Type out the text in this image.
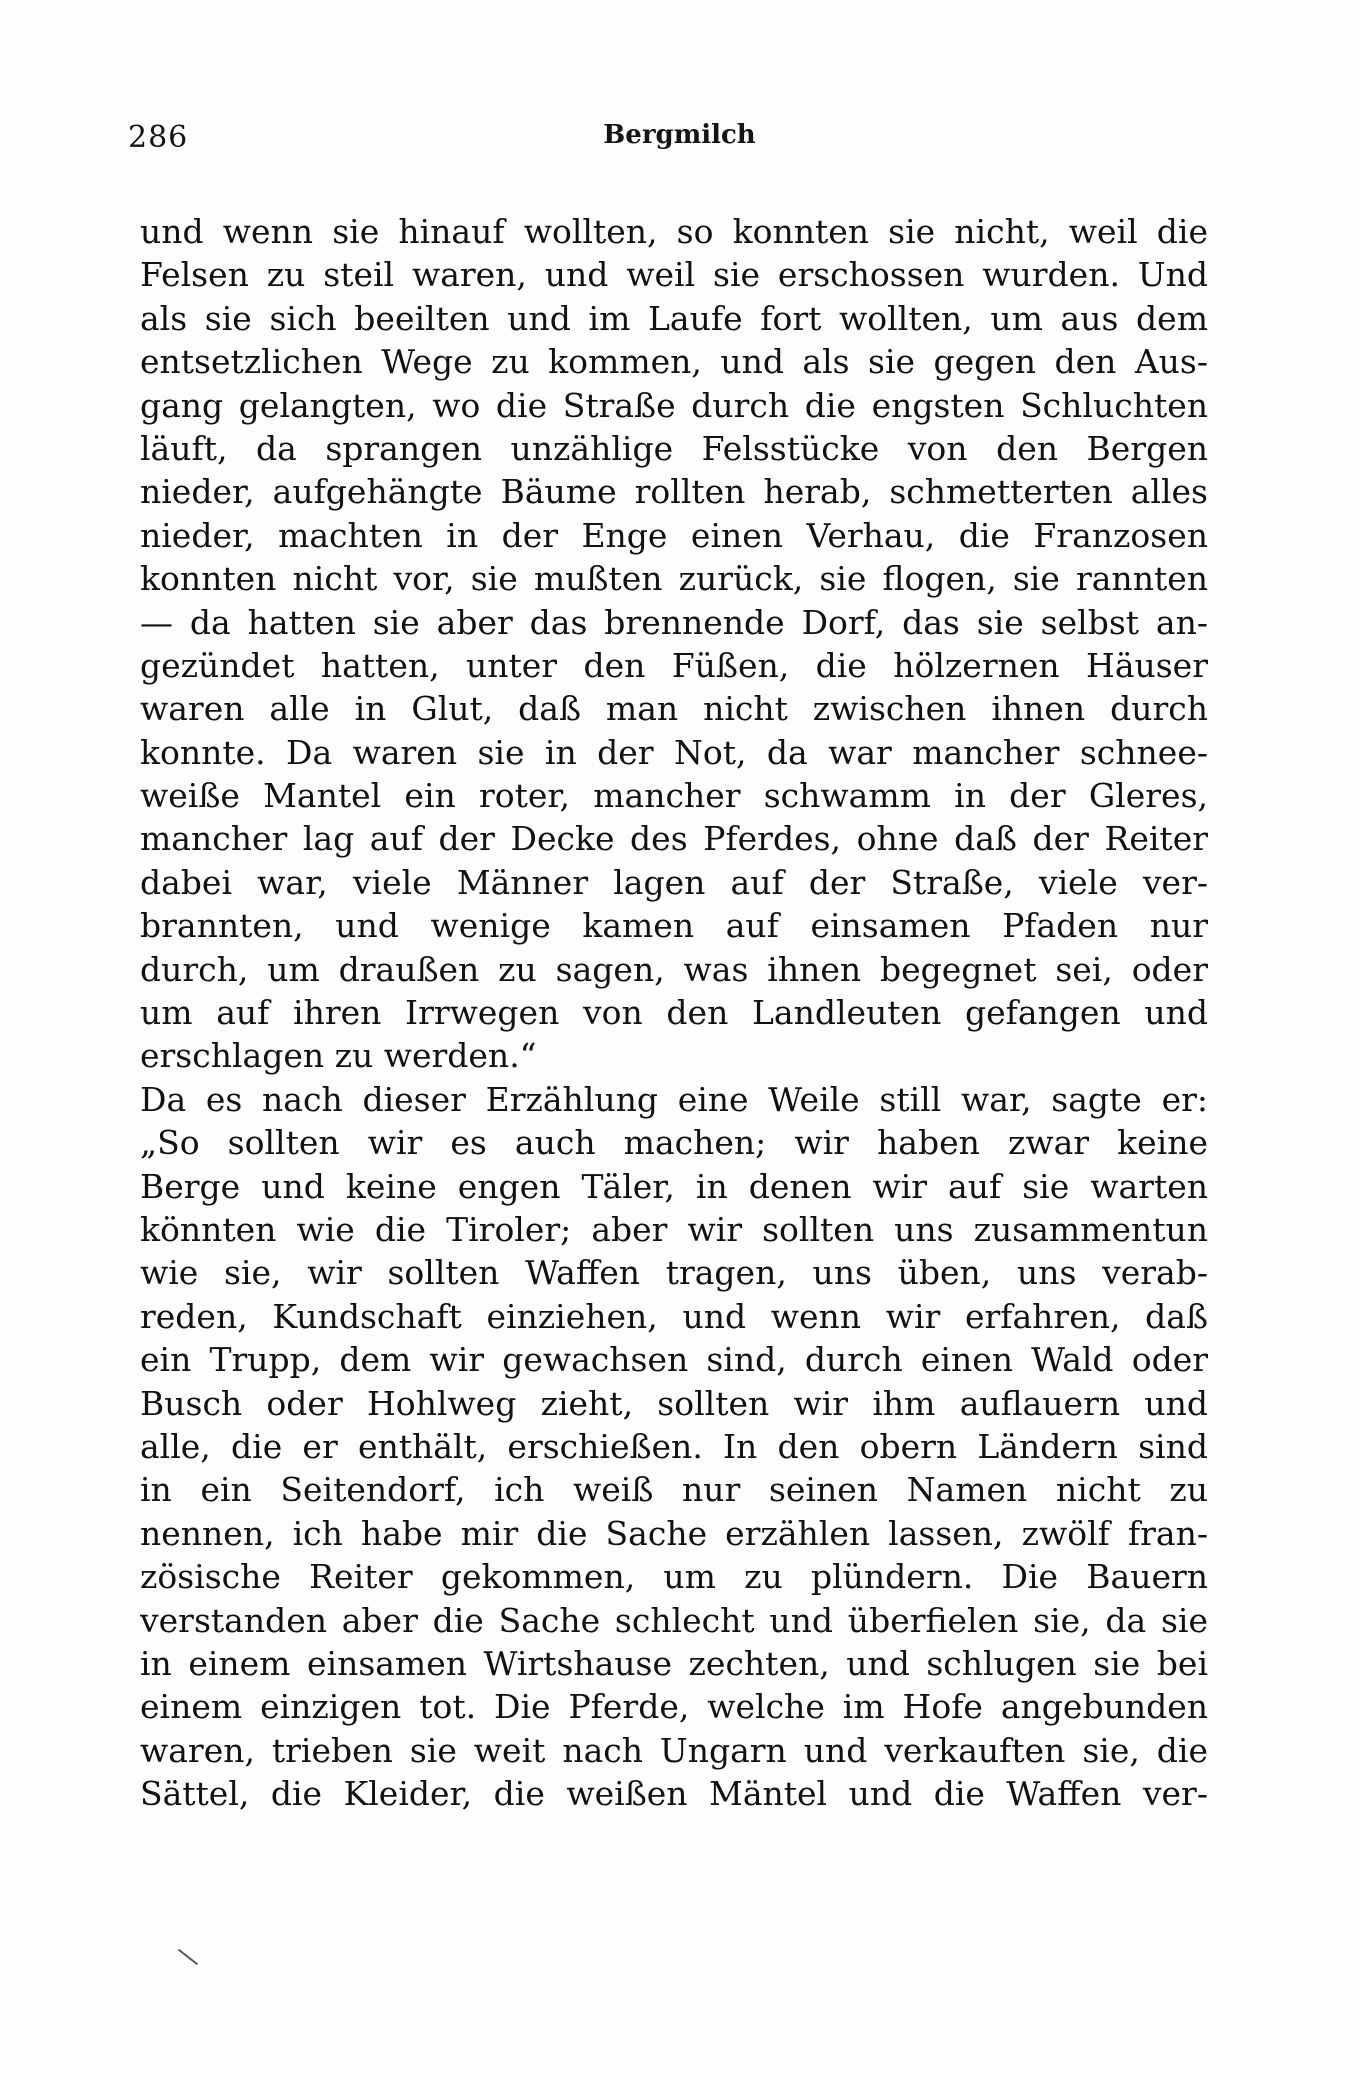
286	Bergmilch
und wenn sie hinauf wollten, so konnten sie nicht, weil die
Felsen zu steil waren, und weil sie erschossen wurden. Und
als sie sich beeilten und im Laufe fort wollten, um aus dem
entsetzlichen Wege zu kommen, und als sie gegen den Aus-
gang gelangten, wo die Straße durch die engsten Schluchten
läuft, da sprangen unzählige Felsstücke von den Bergen
nieder, aufgehängte Bäume rollten herab, schmetterten alles
nieder, machten in der Enge einen Verhau, die Franzosen
konnten nicht vor, sie mußten zurück, sie flogen, sie rannten
— da hatten sie aber das brennende Dorf, das sie selbst an-
gezündet hatten, unter den Füßen, die hölzernen Häuser
waren alle in Glut, daß man nicht zwischen ihnen durch
konnte. Da waren sie in der Not, da war mancher schnee-
weiße Mantel ein roter, mancher schwamm in der Gleres,
mancher lag auf der Decke des Pferdes, ohne daß der Reiter
dabei war, viele Männer lagen auf der Straße, viele ver-
brannten, und wenige kamen auf einsamen Pfaden nur
durch, um draußen zu sagen, was ihnen begegnet sei, oder
um auf ihren Irrwegen von den Landleuten gefangen und
erschlagen zu werden.“
Da es nach dieser Erzählung eine Weile still war, sagte er:
„So sollten wir es auch machen; wir haben zwar keine
Berge und keine engen Täler, in denen wir auf sie warten
könnten wie die Tiroler; aber wir sollten uns zusammentun
wie sie, wir sollten Waffen tragen, uns üben, uns verab-
reden, Kundschaft einziehen, und wenn wir erfahren, daß
ein Trupp, dem wir gewachsen sind, durch einen Wald oder
Busch oder Hohlweg zieht, sollten wir ihm auflauern und
alle, die er enthält, erschießen. In den obern Ländern sind
in ein Seitendorf, ich weiß nur seinen Namen nicht zu
nennen, ich habe mir die Sache erzählen lassen, zwölf fran-
zösische Reiter gekommen, um zu plündern. Die Bauern
verstanden aber die Sache schlecht und überfielen sie, da sie
in einem einsamen Wirtshause zechten, und schlugen sie bei
einem einzigen tot. Die Pferde, welche im Hofe angebunden
waren, trieben sie weit nach Ungarn und verkauften sie, die
Sättel, die Kleider, die weißen Mäntel und die Waffen ver-
